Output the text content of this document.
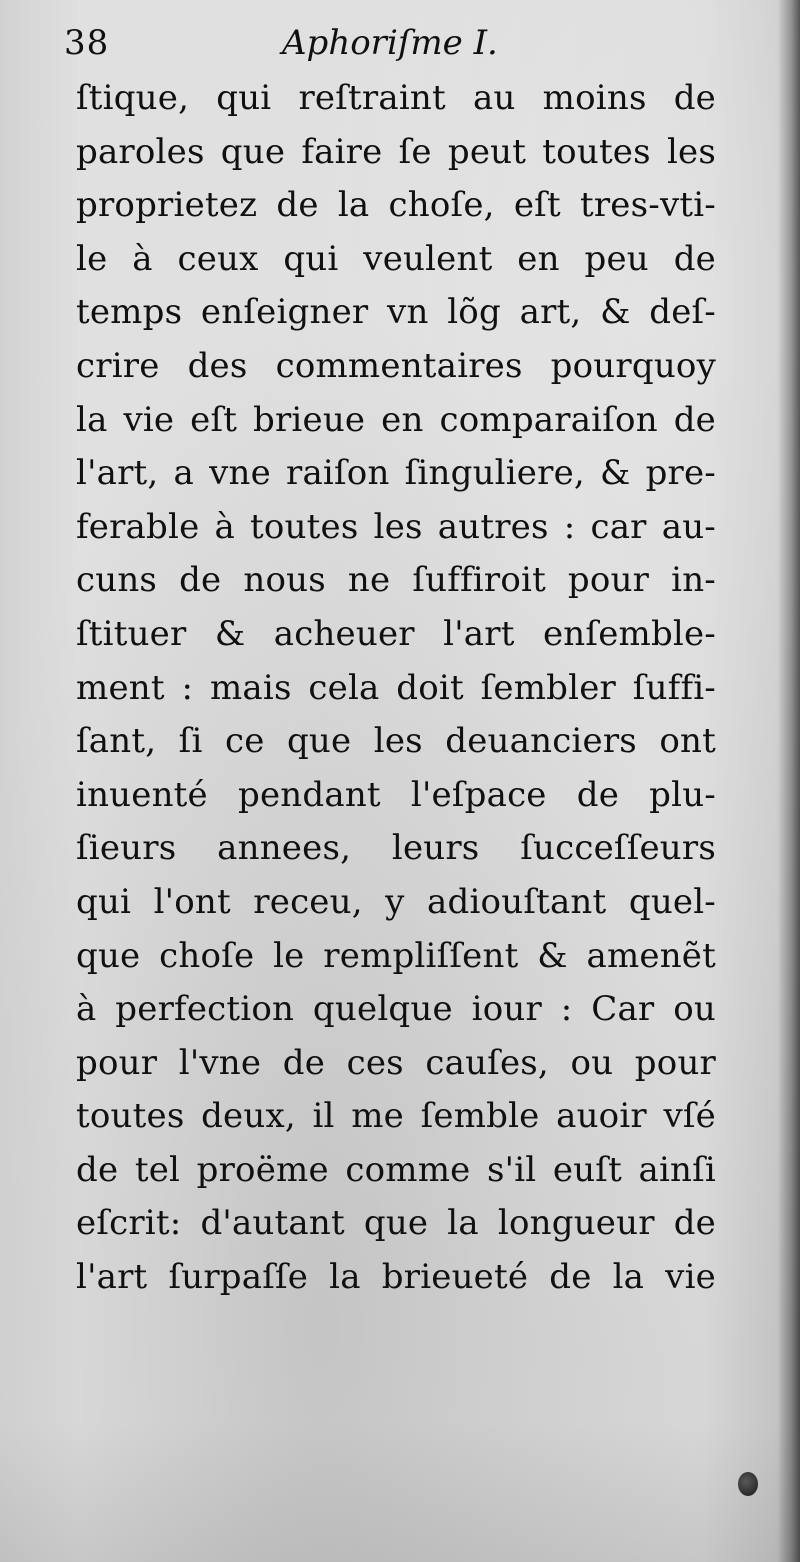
38	Aphoriſme I.
ſtique, qui reſtraint au moins de
paroles que faire ſe peut toutes les
proprietez de la choſe, eſt tres-vti-
le à ceux qui veulent en peu de
temps enſeigner vn lõg art, & deſ-
crire des commentaires pourquoy
la vie eſt brieue en comparaiſon de
l'art, a vne raiſon ſinguliere, & pre-
ferable à toutes les autres : car au-
cuns de nous ne ſuffiroit pour in-
ſtituer & acheuer l'art enſemble-
ment : mais cela doit ſembler ſuffi-
ſant, ſi ce que les deuanciers ont
inuenté pendant l'eſpace de plu-
ſieurs annees, leurs ſucceſſeurs
qui l'ont receu, y adiouſtant quel-
que choſe le rempliſſent & amenẽt
à perfection quelque iour : Car ou
pour l'vne de ces cauſes, ou pour
toutes deux, il me ſemble auoir vſé
de tel proëme comme s'il euſt ainſi
eſcrit: d'autant que la longueur de
l'art ſurpaſſe la brieueté de la vie
